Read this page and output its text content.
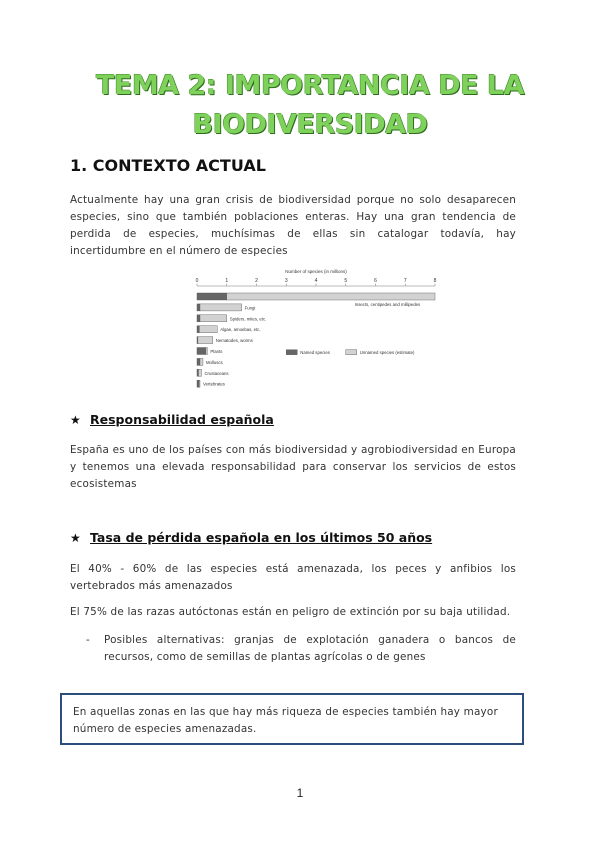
TEMA 2: IMPORTANCIA DE LA
BIODIVERSIDAD
1. CONTEXTO ACTUAL

Actualmente hay una gran crisis de biodiversidad porque no solo desaparecen especies, sino que también poblaciones enteras. Hay una gran tendencia de perdida de especies, muchísimas de ellas sin catalogar todavía, hay incertidumbre en el número de especies

Number of species (in millions)
0	1	2	3	4	5	6	7	8
Insects, centipedes and millipedes
Fungi
Spiders, mites, etc.
Algae, amoebas, etc.
Nematodes, worms
Plants
Molluscs
Crustaceans
Vertebrates
Named species	Unnamed species (estimate)
★ Responsabilidad española

España es uno de los países con más biodiversidad y agrobiodiversidad en Europa y tenemos una elevada responsabilidad para conservar los servicios de estos ecosistemas

★ Tasa de pérdida española en los últimos 50 años

El 40% - 60% de las especies está amenazada, los peces y anfibios los vertebrados más amenazados

El 75% de las razas autóctonas están en peligro de extinción por su baja utilidad.

-	Posibles alternativas: granjas de explotación ganadera o bancos de recursos, como de semillas de plantas agrícolas o de genes
En aquellas zonas en las que hay más riqueza de especies también hay mayor número de especies amenazadas.
1
